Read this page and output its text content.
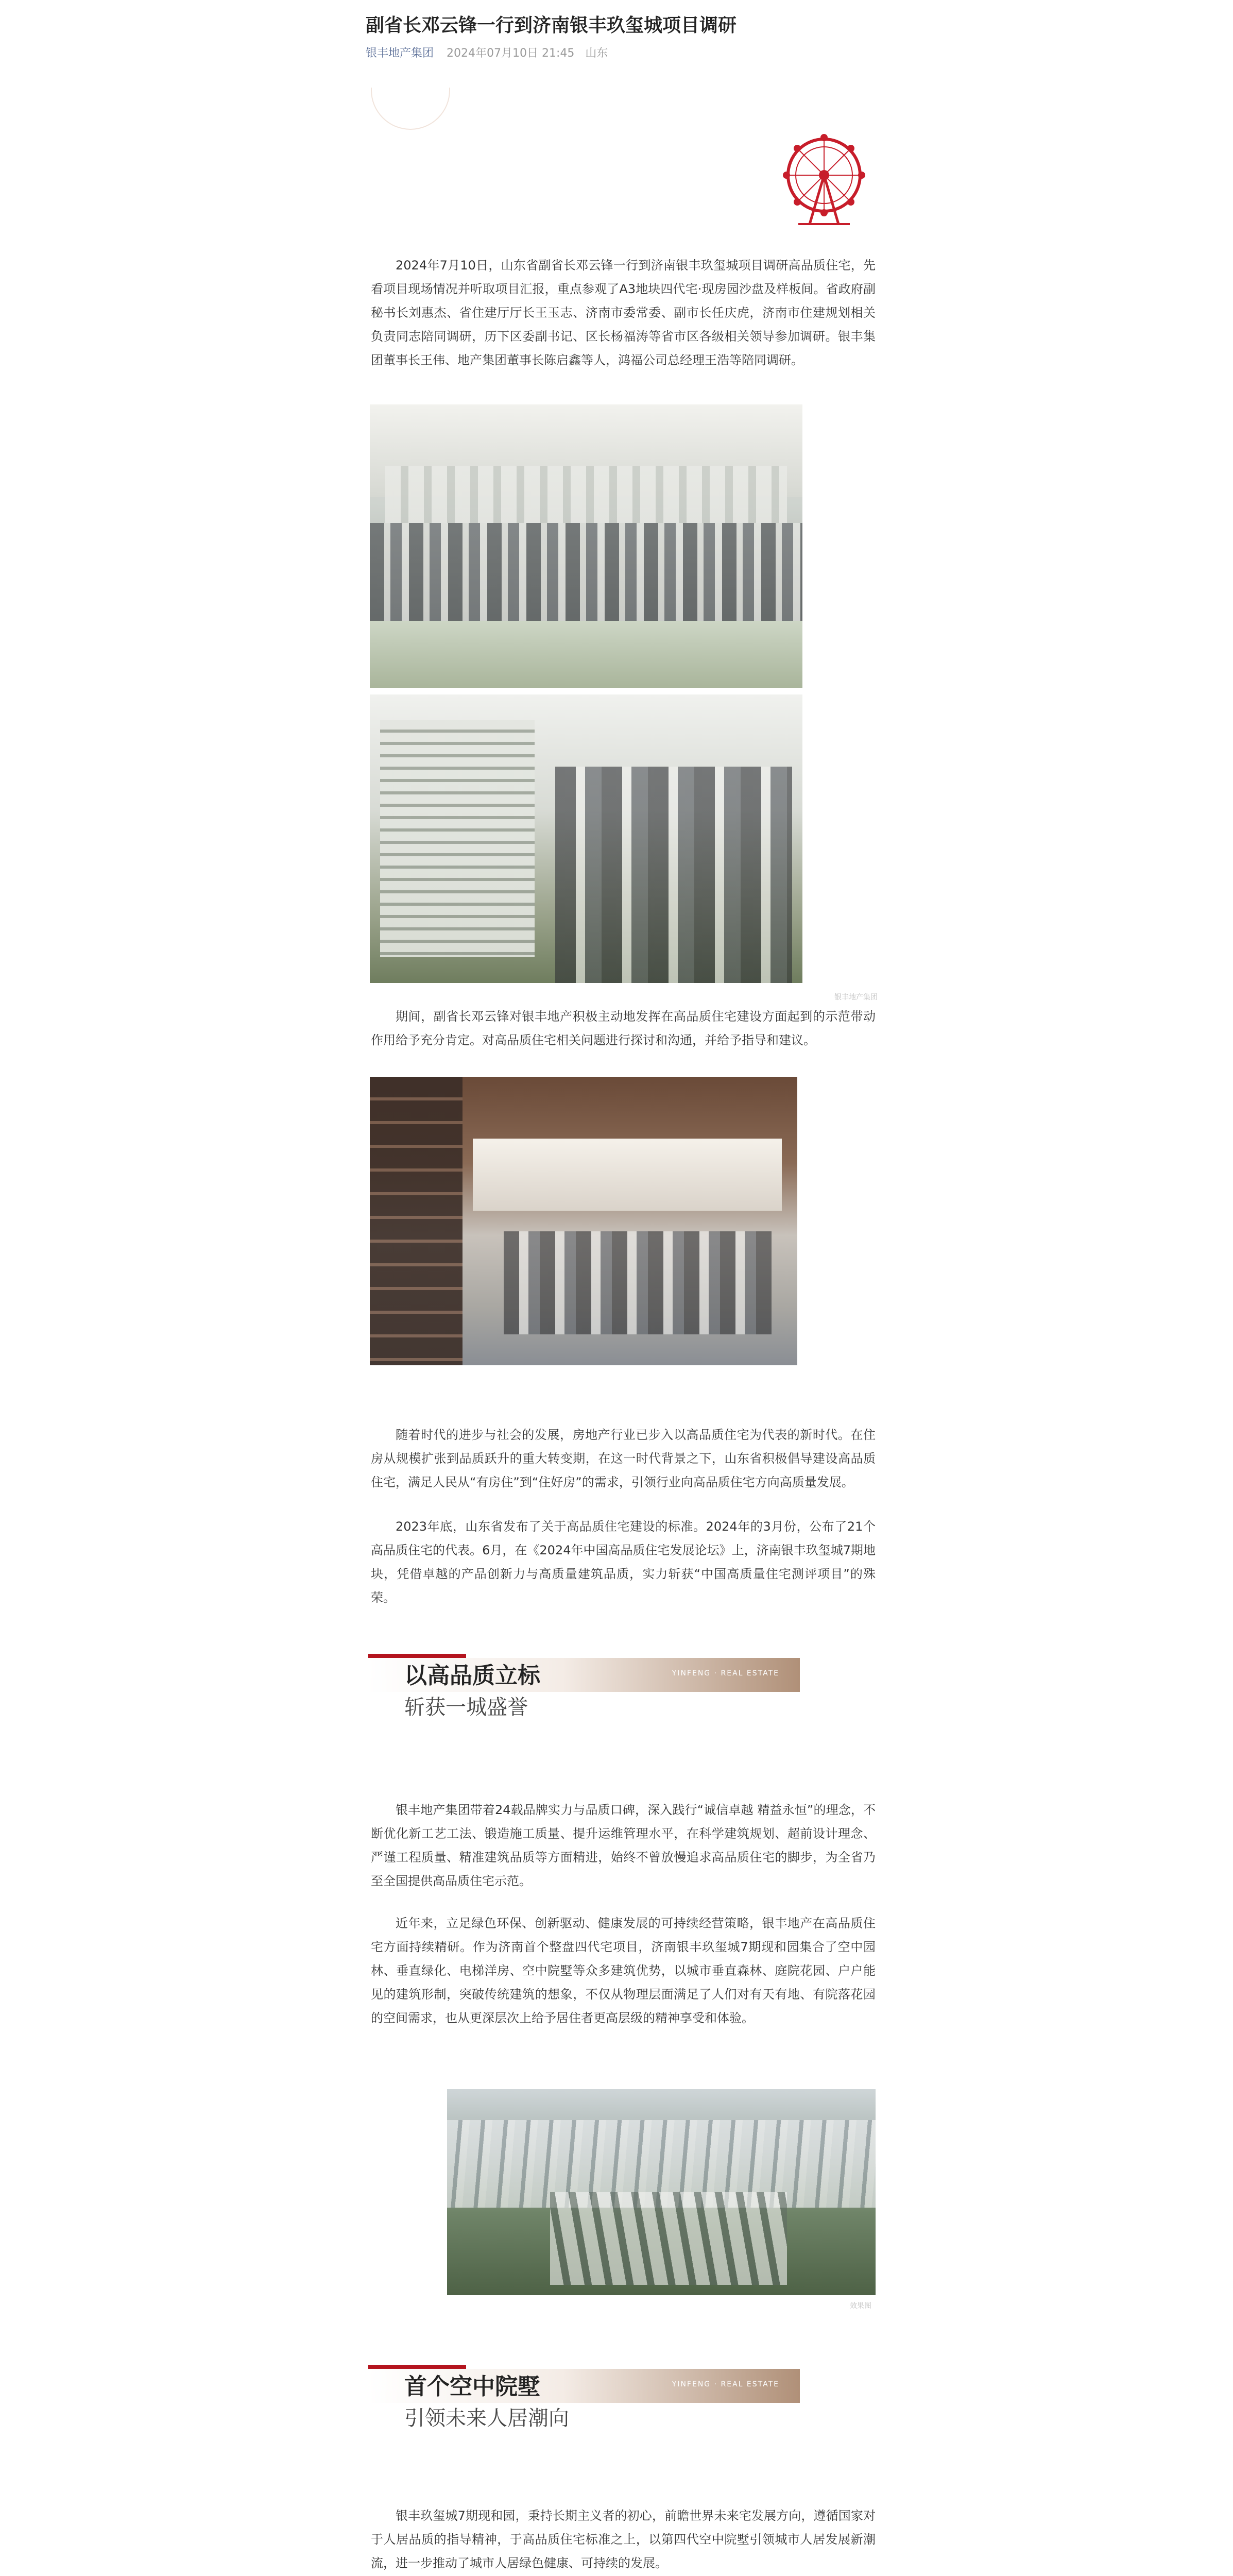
副省长邓云锋一行到济南银丰玖玺城项目调研
银丰地产集团 2024年07月10日 21:45 山东
2024年7月10日，山东省副省长邓云锋一行到济南银丰玖玺城项目调研高品质住宅，先看项目现场情况并听取项目汇报，重点参观了A3地块四代宅·现房园沙盘及样板间。省政府副秘书长刘惠杰、省住建厅厅长王玉志、济南市委常委、副市长任庆虎，济南市住建规划相关负责同志陪同调研，历下区委副书记、区长杨福涛等省市区各级相关领导参加调研。银丰集团董事长王伟、地产集团董事长陈启鑫等人，鸿福公司总经理王浩等陪同调研。
银丰地产集团
期间，副省长邓云锋对银丰地产积极主动地发挥在高品质住宅建设方面起到的示范带动作用给予充分肯定。对高品质住宅相关问题进行探讨和沟通，并给予指导和建议。
随着时代的进步与社会的发展，房地产行业已步入以高品质住宅为代表的新时代。在住房从规模扩张到品质跃升的重大转变期，在这一时代背景之下，山东省积极倡导建设高品质住宅，满足人民从“有房住”到“住好房”的需求，引领行业向高品质住宅方向高质量发展。
2023年底，山东省发布了关于高品质住宅建设的标准。2024年的3月份，公布了21个高品质住宅的代表。6月，在《2024年中国高品质住宅发展论坛》上，济南银丰玖玺城7期地块，凭借卓越的产品创新力与高质量建筑品质，实力斩获“中国高质量住宅测评项目”的殊荣。
以高品质立标	YINFENG · REAL ESTATE
斩获一城盛誉
银丰地产集团带着24载品牌实力与品质口碑，深入践行“诚信卓越 精益永恒”的理念，不断优化新工艺工法、锻造施工质量、提升运维管理水平，在科学建筑规划、超前设计理念、严谨工程质量、精准建筑品质等方面精进，始终不曾放慢追求高品质住宅的脚步，为全省乃至全国提供高品质住宅示范。
近年来，立足绿色环保、创新驱动、健康发展的可持续经营策略，银丰地产在高品质住宅方面持续精研。作为济南首个整盘四代宅项目，济南银丰玖玺城7期现和园集合了空中园林、垂直绿化、电梯洋房、空中院墅等众多建筑优势，以城市垂直森林、庭院花园、户户能见的建筑形制，突破传统建筑的想象，不仅从物理层面满足了人们对有天有地、有院落花园的空间需求，也从更深层次上给予居住者更高层级的精神享受和体验。
效果图
首个空中院墅	YINFENG · REAL ESTATE
引领未来人居潮向
银丰玖玺城7期现和园，秉持长期主义者的初心，前瞻世界未来宅发展方向，遵循国家对于人居品质的指导精神，于高品质住宅标准之上，以第四代空中院墅引领城市人居发展新潮流，进一步推动了城市人居绿色健康、可持续的发展。
